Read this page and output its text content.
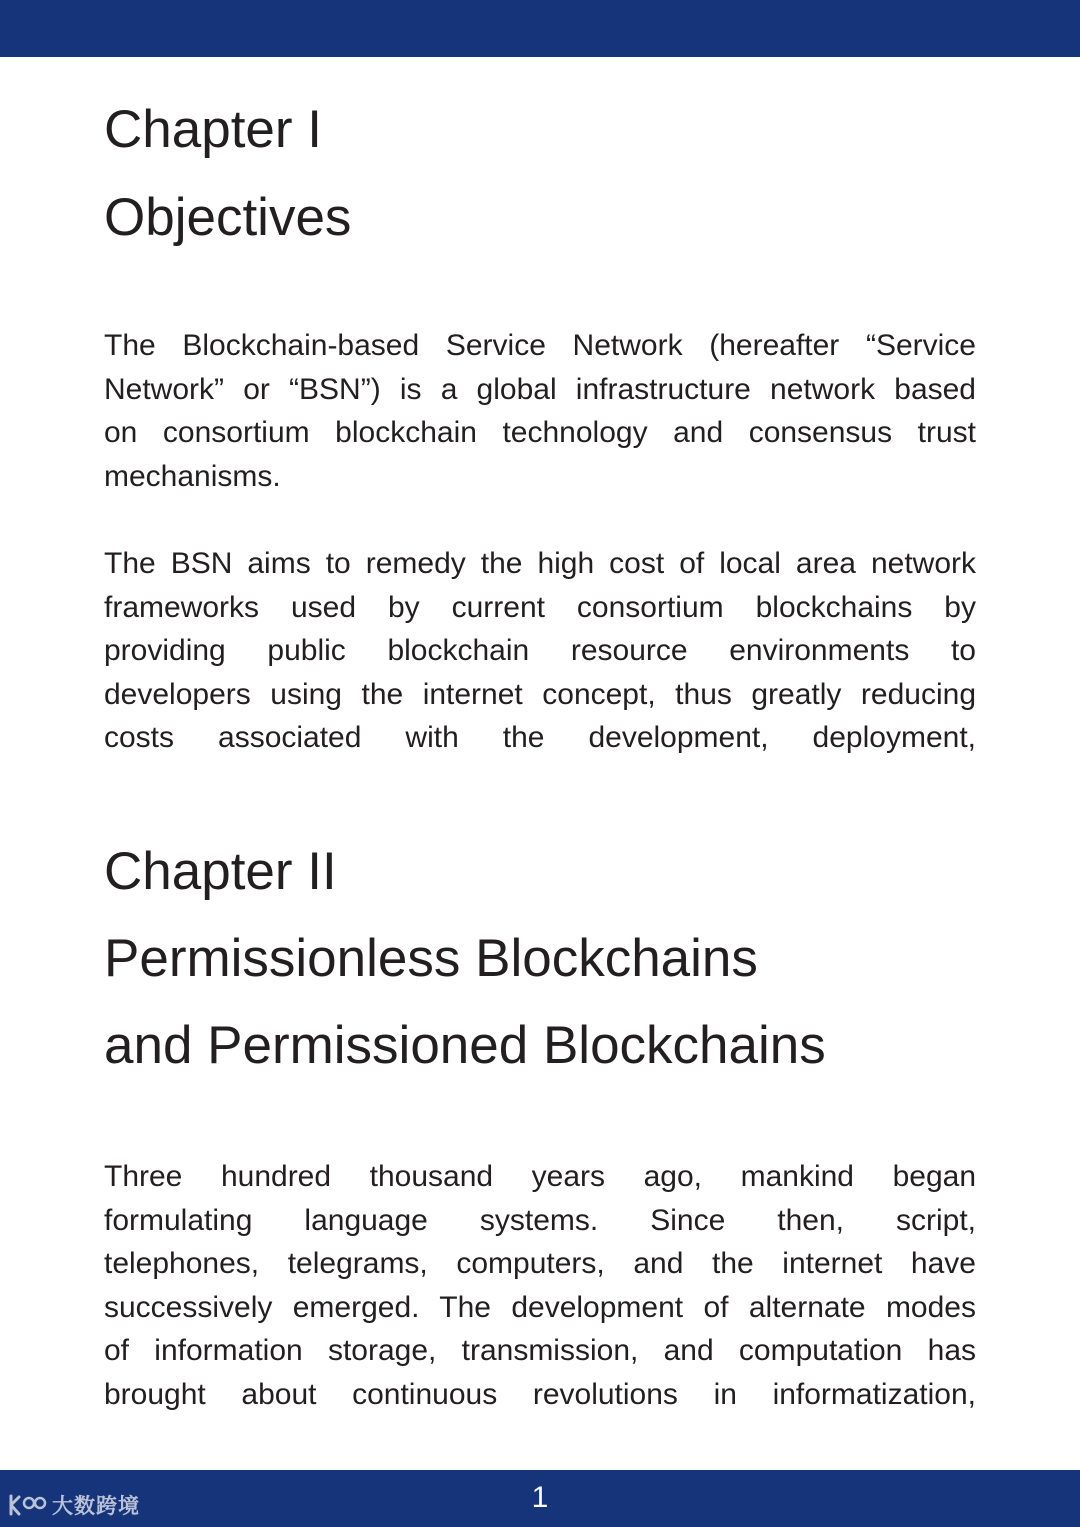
Chapter I
Objectives
The Blockchain-based Service Network (hereafter “Service
Network” or “BSN”) is a global infrastructure network based
on consortium blockchain technology and consensus trust
mechanisms.
The BSN aims to remedy the high cost of local area network
frameworks used by current consortium blockchains by
providing public blockchain resource environments to
developers using the internet concept, thus greatly reducing
costs associated with the development, deployment,
Chapter II
Permissionless Blockchains
and Permissioned Blockchains
Three hundred thousand years ago, mankind began
formulating language systems. Since then, script,
telephones, telegrams, computers, and the internet have
successively emerged. The development of alternate modes
of information storage, transmission, and computation has
brought about continuous revolutions in informatization,
大数跨境	1
